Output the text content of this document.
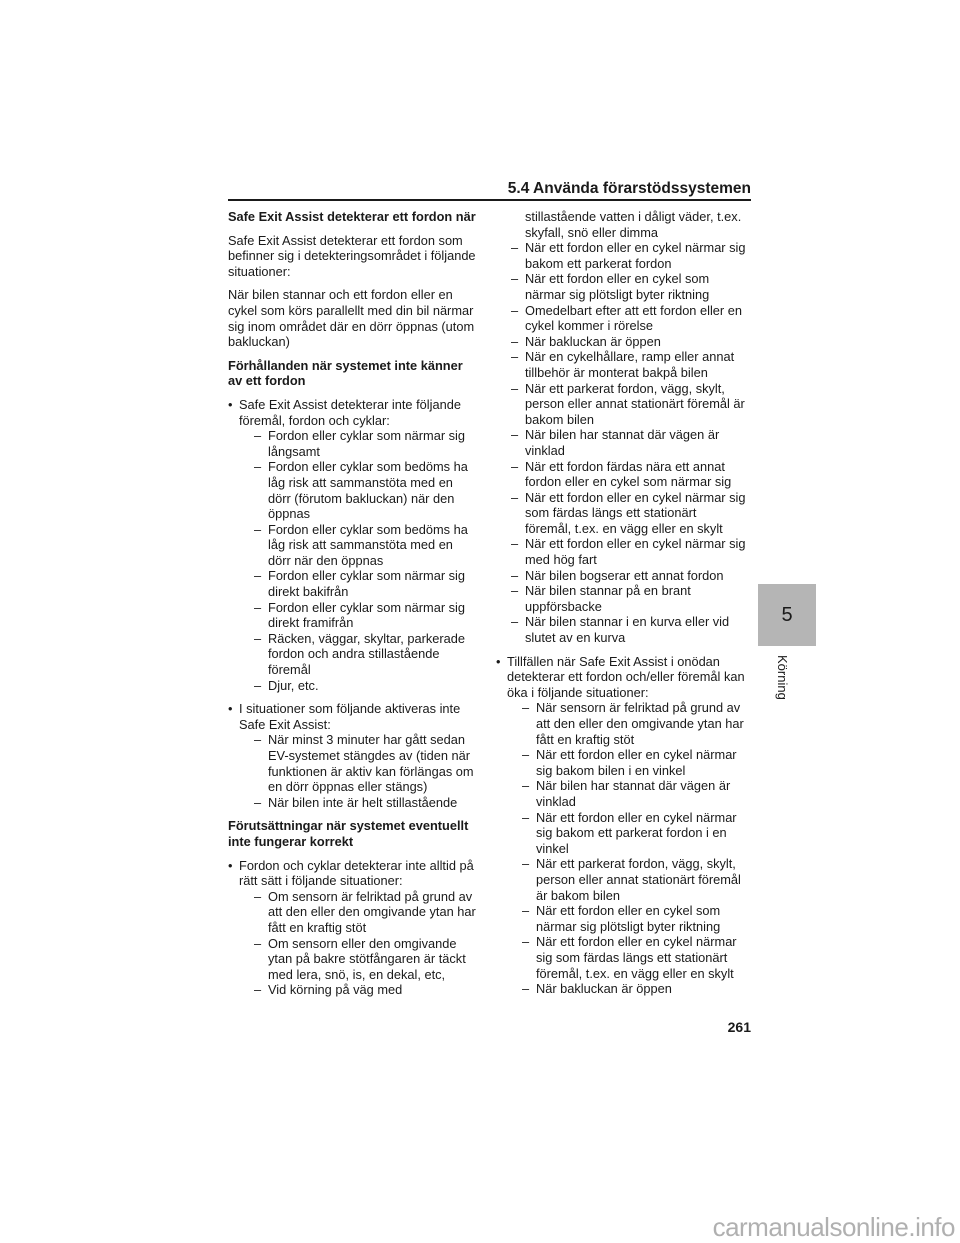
5.4 Använda förarstödssystemen

Safe Exit Assist detekterar ett fordon när

Safe Exit Assist detekterar ett fordon som befinner sig i detekteringsområdet i följande situationer:

När bilen stannar och ett fordon eller en cykel som körs parallellt med din bil närmar sig inom området där en dörr öppnas (utom bakluckan)

Förhållanden när systemet inte känner av ett fordon

• Safe Exit Assist detekterar inte följande föremål, fordon och cyklar:
– Fordon eller cyklar som närmar sig långsamt
– Fordon eller cyklar som bedöms ha låg risk att sammanstöta med en dörr (förutom bakluckan) när den öppnas
– Fordon eller cyklar som bedöms ha låg risk att sammanstöta med en dörr när den öppnas
– Fordon eller cyklar som närmar sig direkt bakifrån
– Fordon eller cyklar som närmar sig direkt framifrån
– Räcken, väggar, skyltar, parkerade fordon och andra stillastående föremål
– Djur, etc.
• I situationer som följande aktiveras inte Safe Exit Assist:
– När minst 3 minuter har gått sedan EV-systemet stängdes av (tiden när funktionen är aktiv kan förlängas om en dörr öppnas eller stängs)
– När bilen inte är helt stillastående

Förutsättningar när systemet eventuellt inte fungerar korrekt

• Fordon och cyklar detekterar inte alltid på rätt sätt i följande situationer:
– Om sensorn är felriktad på grund av att den eller den omgivande ytan har fått en kraftig stöt
– Om sensorn eller den omgivande ytan på bakre stötfångaren är täckt med lera, snö, is, en dekal, etc,
– Vid körning på väg med
stillastående vatten i dåligt väder, t.ex. skyfall, snö eller dimma
– När ett fordon eller en cykel närmar sig bakom ett parkerat fordon
– När ett fordon eller en cykel som närmar sig plötsligt byter riktning
– Omedelbart efter att ett fordon eller en cykel kommer i rörelse
– När bakluckan är öppen
– När en cykelhållare, ramp eller annat tillbehör är monterat bakpå bilen
– När ett parkerat fordon, vägg, skylt, person eller annat stationärt föremål är bakom bilen
– När bilen har stannat där vägen är vinklad
– När ett fordon färdas nära ett annat fordon eller en cykel som närmar sig
– När ett fordon eller en cykel närmar sig som färdas längs ett stationärt föremål, t.ex. en vägg eller en skylt
– När ett fordon eller en cykel närmar sig med hög fart
– När bilen bogserar ett annat fordon
– När bilen stannar på en brant uppförsbacke
– När bilen stannar i en kurva eller vid slutet av en kurva
• Tillfällen när Safe Exit Assist i onödan detekterar ett fordon och/eller föremål kan öka i följande situationer:
– När sensorn är felriktad på grund av att den eller den omgivande ytan har fått en kraftig stöt
– När ett fordon eller en cykel närmar sig bakom bilen i en vinkel
– När bilen har stannat där vägen är vinklad
– När ett fordon eller en cykel närmar sig bakom ett parkerat fordon i en vinkel
– När ett parkerat fordon, vägg, skylt, person eller annat stationärt föremål är bakom bilen
– När ett fordon eller en cykel som närmar sig plötsligt byter riktning
– När ett fordon eller en cykel närmar sig som färdas längs ett stationärt föremål, t.ex. en vägg eller en skylt
– När bakluckan är öppen
5
Körning
261
carmanualsonline.info
